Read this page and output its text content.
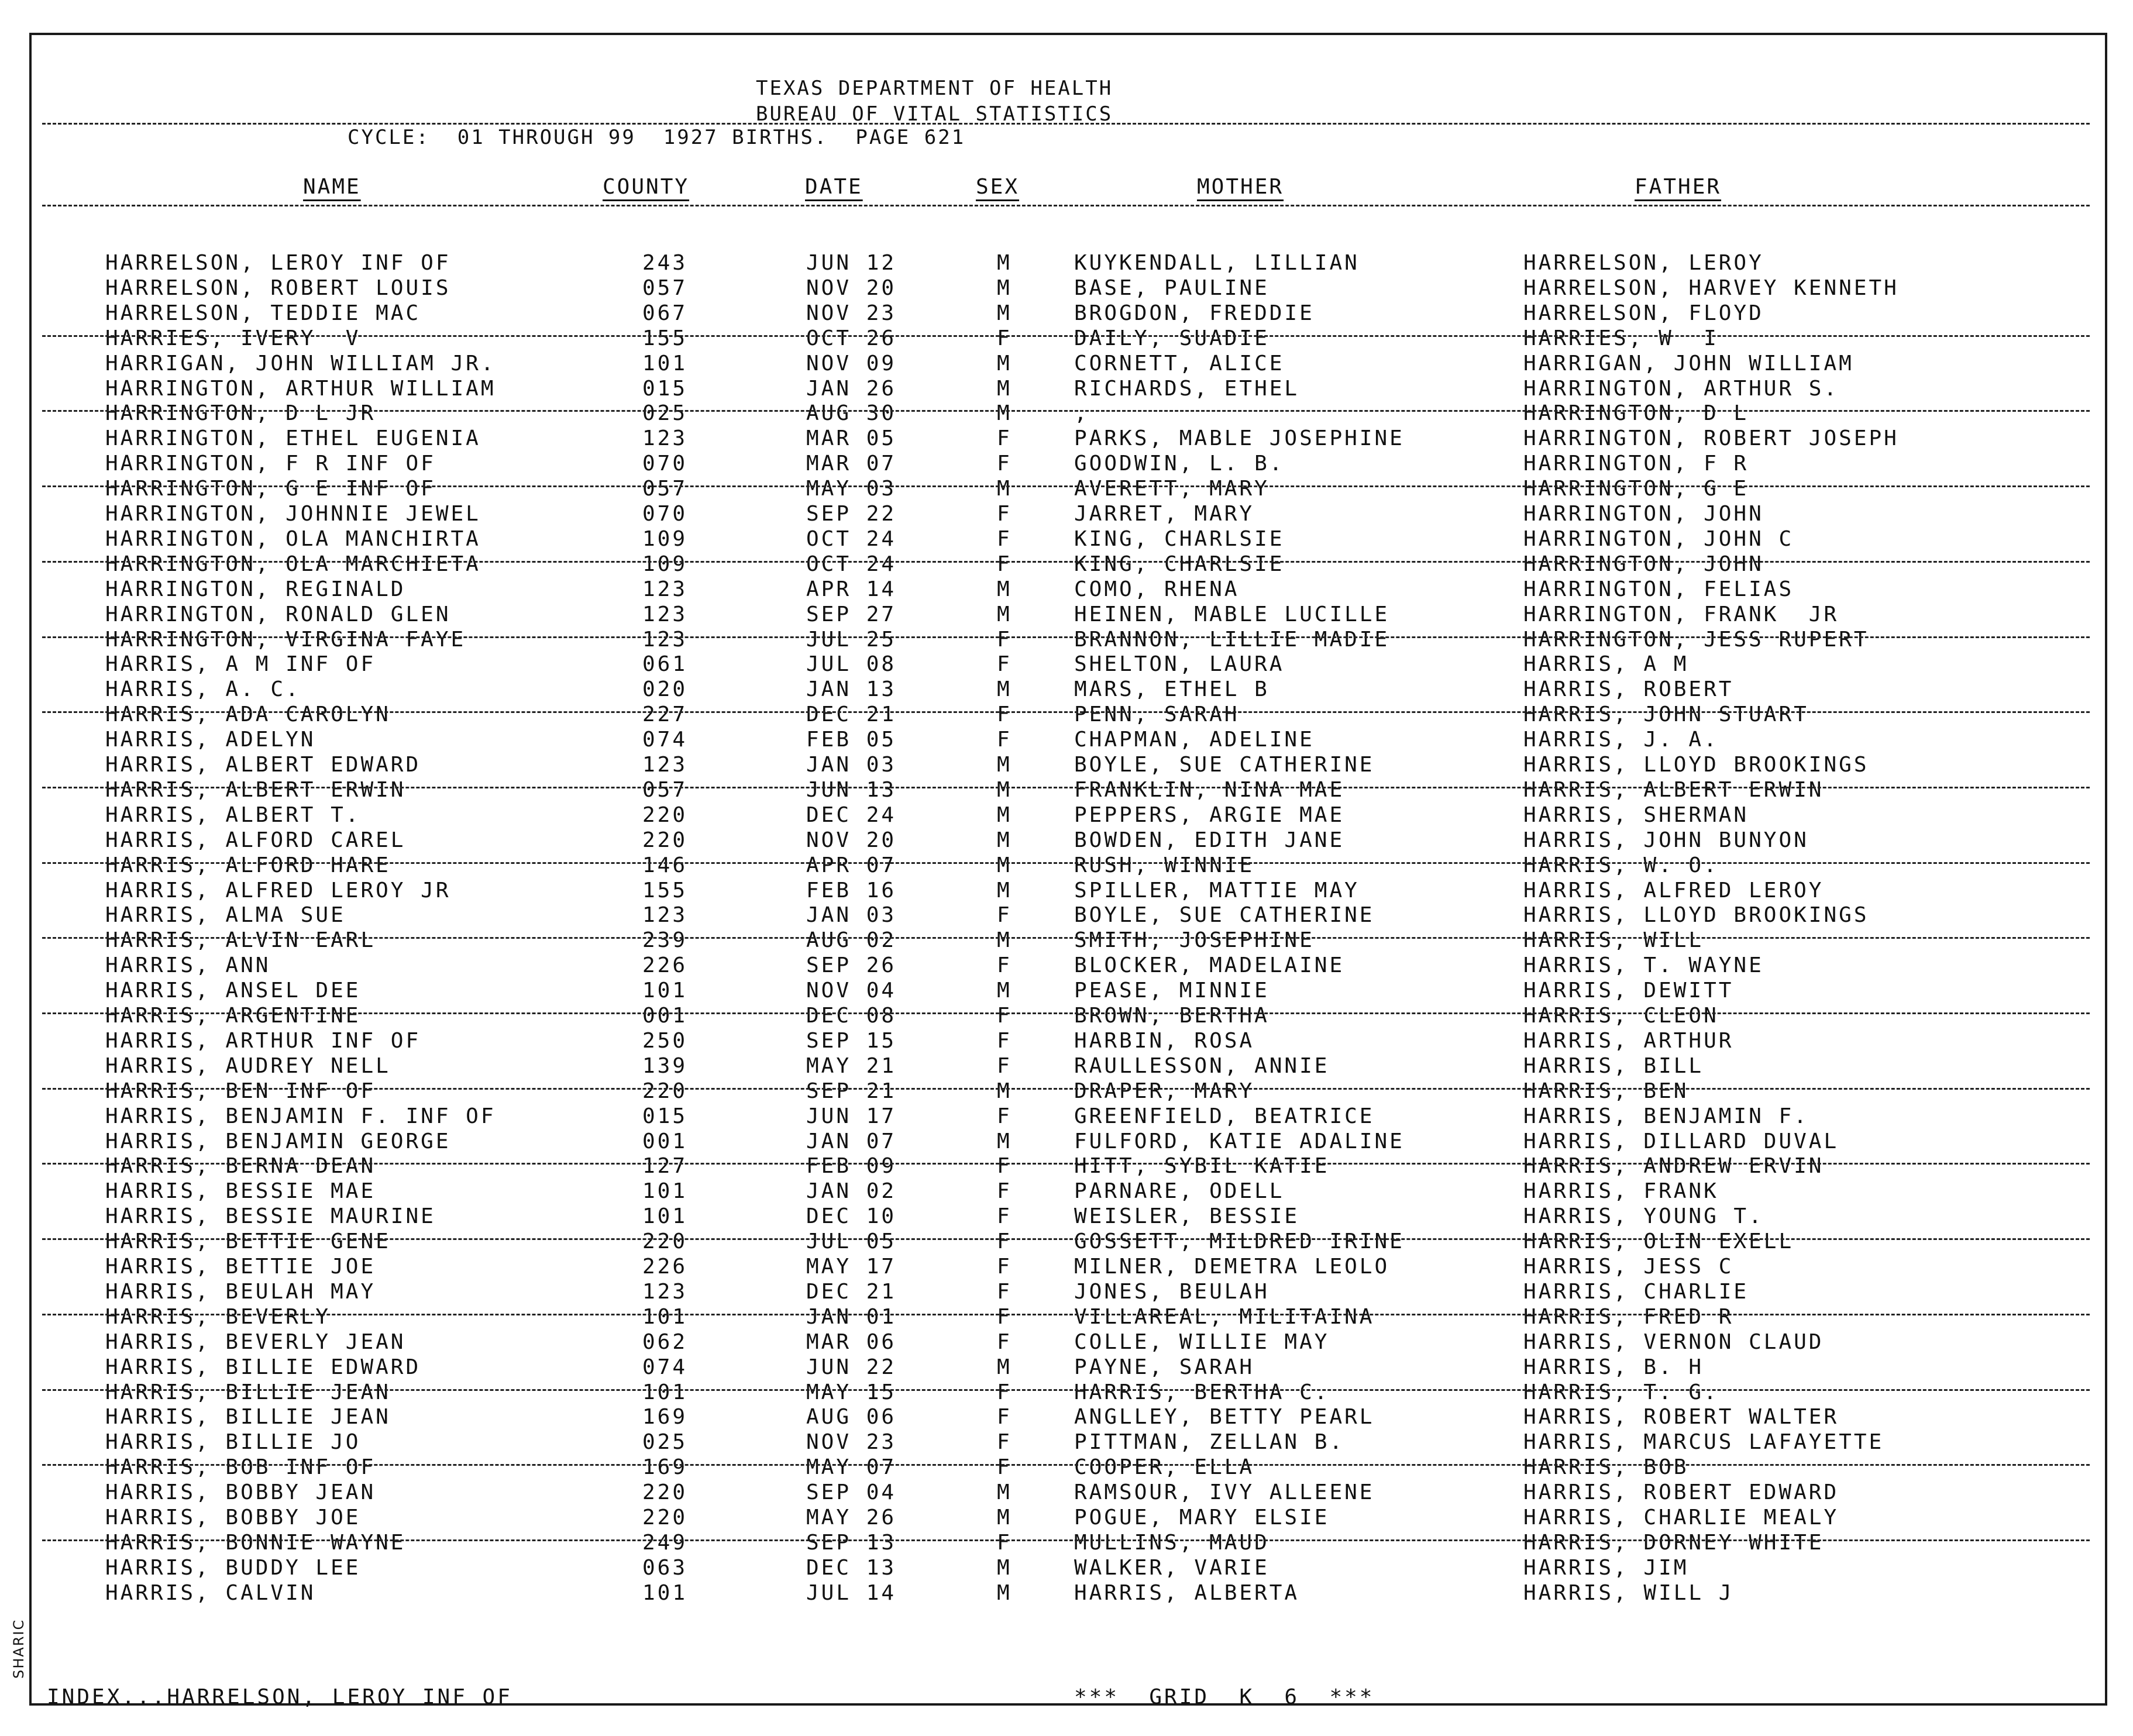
TEXAS DEPARTMENT OF HEALTH
BUREAU OF VITAL STATISTICS
CYCLE:  01 THROUGH 99  1927 BIRTHS.  PAGE 621
NAME	COUNTY	DATE	SEX	MOTHER	FATHER
HARRELSON, LEROY INF OF	243	JUN 12	M	KUYKENDALL, LILLIAN	HARRELSON, LEROY
HARRELSON, ROBERT LOUIS	057	NOV 20	M	BASE, PAULINE	HARRELSON, HARVEY KENNETH
HARRELSON, TEDDIE MAC	067	NOV 23	M	BROGDON, FREDDIE	HARRELSON, FLOYD
HARRIES, IVERY  V	155	OCT 26	F	DAILY, SUADIE	HARRIES, W  I
HARRIGAN, JOHN WILLIAM JR.	101	NOV 09	M	CORNETT, ALICE	HARRIGAN, JOHN WILLIAM
HARRINGTON, ARTHUR WILLIAM	015	JAN 26	M	RICHARDS, ETHEL	HARRINGTON, ARTHUR S.
HARRINGTON, D L JR	025	AUG 30	M	,	HARRINGTON, D L
HARRINGTON, ETHEL EUGENIA	123	MAR 05	F	PARKS, MABLE JOSEPHINE	HARRINGTON, ROBERT JOSEPH
HARRINGTON, F R INF OF	070	MAR 07	F	GOODWIN, L. B.	HARRINGTON, F R
HARRINGTON, G E INF OF	057	MAY 03	M	AVERETT, MARY	HARRINGTON, G E
HARRINGTON, JOHNNIE JEWEL	070	SEP 22	F	JARRET, MARY	HARRINGTON, JOHN
HARRINGTON, OLA MANCHIRTA	109	OCT 24	F	KING, CHARLSIE	HARRINGTON, JOHN C
HARRINGTON, OLA MARCHIETA	109	OCT 24	F	KING, CHARLSIE	HARRINGTON, JOHN
HARRINGTON, REGINALD	123	APR 14	M	COMO, RHENA	HARRINGTON, FELIAS
HARRINGTON, RONALD GLEN	123	SEP 27	M	HEINEN, MABLE LUCILLE	HARRINGTON, FRANK  JR
HARRINGTON, VIRGINA FAYE	123	JUL 25	F	BRANNON, LILLIE MADIE	HARRINGTON, JESS RUPERT
HARRIS, A M INF OF	061	JUL 08	F	SHELTON, LAURA	HARRIS, A M
HARRIS, A. C.	020	JAN 13	M	MARS, ETHEL B	HARRIS, ROBERT
HARRIS, ADA CAROLYN	227	DEC 21	F	PENN, SARAH	HARRIS, JOHN STUART
HARRIS, ADELYN	074	FEB 05	F	CHAPMAN, ADELINE	HARRIS, J. A.
HARRIS, ALBERT EDWARD	123	JAN 03	M	BOYLE, SUE CATHERINE	HARRIS, LLOYD BROOKINGS
HARRIS, ALBERT ERWIN	057	JUN 13	M	FRANKLIN, NINA MAE	HARRIS, ALBERT ERWIN
HARRIS, ALBERT T.	220	DEC 24	M	PEPPERS, ARGIE MAE	HARRIS, SHERMAN
HARRIS, ALFORD CAREL	220	NOV 20	M	BOWDEN, EDITH JANE	HARRIS, JOHN BUNYON
HARRIS, ALFORD HARE	146	APR 07	M	RUSH, WINNIE	HARRIS, W. O.
HARRIS, ALFRED LEROY JR	155	FEB 16	M	SPILLER, MATTIE MAY	HARRIS, ALFRED LEROY
HARRIS, ALMA SUE	123	JAN 03	F	BOYLE, SUE CATHERINE	HARRIS, LLOYD BROOKINGS
HARRIS, ALVIN EARL	239	AUG 02	M	SMITH, JOSEPHINE	HARRIS, WILL
HARRIS, ANN	226	SEP 26	F	BLOCKER, MADELAINE	HARRIS, T. WAYNE
HARRIS, ANSEL DEE	101	NOV 04	M	PEASE, MINNIE	HARRIS, DEWITT
HARRIS, ARGENTINE	001	DEC 08	F	BROWN, BERTHA	HARRIS, CLEON
HARRIS, ARTHUR INF OF	250	SEP 15	F	HARBIN, ROSA	HARRIS, ARTHUR
HARRIS, AUDREY NELL	139	MAY 21	F	RAULLESSON, ANNIE	HARRIS, BILL
HARRIS, BEN INF OF	220	SEP 21	M	DRAPER, MARY	HARRIS, BEN
HARRIS, BENJAMIN F. INF OF	015	JUN 17	F	GREENFIELD, BEATRICE	HARRIS, BENJAMIN F.
HARRIS, BENJAMIN GEORGE	001	JAN 07	M	FULFORD, KATIE ADALINE	HARRIS, DILLARD DUVAL
HARRIS, BERNA DEAN	127	FEB 09	F	HITT, SYBIL KATIE	HARRIS, ANDREW ERVIN
HARRIS, BESSIE MAE	101	JAN 02	F	PARNARE, ODELL	HARRIS, FRANK
HARRIS, BESSIE MAURINE	101	DEC 10	F	WEISLER, BESSIE	HARRIS, YOUNG T.
HARRIS, BETTIE GENE	220	JUL 05	F	GOSSETT, MILDRED IRINE	HARRIS, OLIN EXELL
HARRIS, BETTIE JOE	226	MAY 17	F	MILNER, DEMETRA LEOLO	HARRIS, JESS C
HARRIS, BEULAH MAY	123	DEC 21	F	JONES, BEULAH	HARRIS, CHARLIE
HARRIS, BEVERLY	101	JAN 01	F	VILLAREAL, MILITAINA	HARRIS, FRED R
HARRIS, BEVERLY JEAN	062	MAR 06	F	COLLE, WILLIE MAY	HARRIS, VERNON CLAUD
HARRIS, BILLIE EDWARD	074	JUN 22	M	PAYNE, SARAH	HARRIS, B. H
HARRIS, BILLIE JEAN	101	MAY 15	F	HARRIS, BERTHA C.	HARRIS, T. G.
HARRIS, BILLIE JEAN	169	AUG 06	F	ANGLLEY, BETTY PEARL	HARRIS, ROBERT WALTER
HARRIS, BILLIE JO	025	NOV 23	F	PITTMAN, ZELLAN B.	HARRIS, MARCUS LAFAYETTE
HARRIS, BOB INF OF	169	MAY 07	F	COOPER, ELLA	HARRIS, BOB
HARRIS, BOBBY JEAN	220	SEP 04	M	RAMSOUR, IVY ALLEENE	HARRIS, ROBERT EDWARD
HARRIS, BOBBY JOE	220	MAY 26	M	POGUE, MARY ELSIE	HARRIS, CHARLIE MEALY
HARRIS, BONNIE WAYNE	249	SEP 13	F	MULLINS, MAUD	HARRIS, DORNEY WHITE
HARRIS, BUDDY LEE	063	DEC 13	M	WALKER, VARIE	HARRIS, JIM
HARRIS, CALVIN	101	JUL 14	M	HARRIS, ALBERTA	HARRIS, WILL J
INDEX...HARRELSON, LEROY INF OF	***  GRID  K  6  ***
SHARIC
